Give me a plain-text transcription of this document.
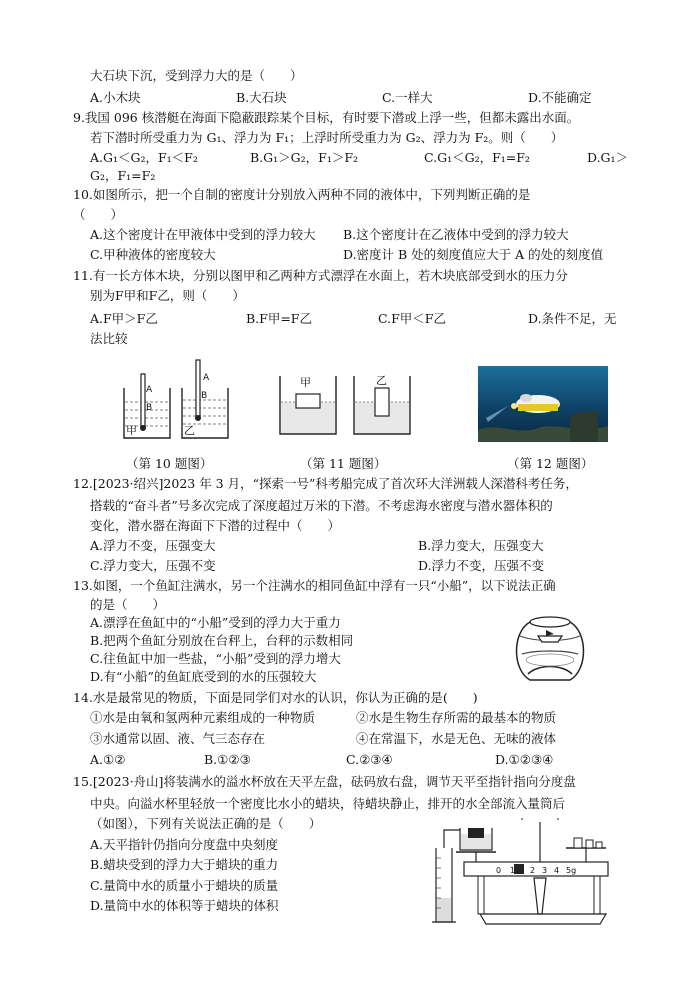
大石块下沉，受到浮力大的是（　　）
A.小木块	B.大石块	C.一样大	D.不能确定
9.我国 096 核潜艇在海面下隐蔽跟踪某个目标，有时要下潜或上浮一些，但都未露出水面。
若下潜时所受重力为 G₁、浮力为 F₁；上浮时所受重力为 G₂、浮力为 F₂。则（　　）
A.G₁＜G₂，F₁＜F₂	B.G₁＞G₂，F₁＞F₂	C.G₁＜G₂，F₁=F₂	D.G₁＞
G₂，F₁=F₂
10.如图所示，把一个自制的密度计分别放入两种不同的液体中，下列判断正确的是
（　　）
A.这个密度计在甲液体中受到的浮力较大 B.这个密度计在乙液体中受到的浮力较大
C.甲种液体的密度较大	D.密度计 B 处的刻度值应大于 A 的处的刻度值
11.有一长方体木块，分别以图甲和乙两种方式漂浮在水面上，若木块底部受到水的压力分
别为F甲和F乙，则（　　）
A.F甲＞F乙	B.F甲=F乙	C.F甲＜F乙	D.条件不足，无
法比较
A
B
A
B
甲	乙
甲	乙
（第 10 题图）	（第 11 题图）	（第 12 题图）
12.[2023·绍兴]2023 年 3 月，“探索一号”科考船完成了首次环大洋洲载人深潜科考任务，
搭载的“奋斗者”号多次完成了深度超过万米的下潜。不考虑海水密度与潜水器体积的
变化，潜水器在海面下下潜的过程中（　　）
A.浮力不变，压强变大	B.浮力变大，压强变大
C.浮力变大，压强不变	D.浮力不变，压强不变
13.如图，一个鱼缸注满水，另一个注满水的相同鱼缸中浮有一只“小船”，以下说法正确
的是（　　）
A.漂浮在鱼缸中的“小船”受到的浮力大于重力
B.把两个鱼缸分别放在台秤上，台秤的示数相同
C.往鱼缸中加一些盐，“小船”受到的浮力增大
D.有“小船”的鱼缸底受到的水的压强较大
14.水是最常见的物质，下面是同学们对水的认识，你认为正确的是(　　)
①水是由氧和氢两种元素组成的一种物质	②水是生物生存所需的最基本的物质
③水通常以固、液、气三态存在	④在常温下，水是无色、无味的液体
A.①②	B.①②③	C.②③④	D.①②③④
15.[2023·舟山]将装满水的溢水杯放在天平左盘，砝码放右盘，调节天平至指针指向分度盘
中央。向溢水杯里轻放一个密度比水小的蜡块，待蜡块静止，排开的水全部流入量筒后
（如图），下列有关说法正确的是（　　）
A.天平指针仍指向分度盘中央刻度
B.蜡块受到的浮力大于蜡块的重力
C.量筒中水的质量小于蜡块的质量
D.量筒中水的体积等于蜡块的体积
0 1 2 3 4 5g
